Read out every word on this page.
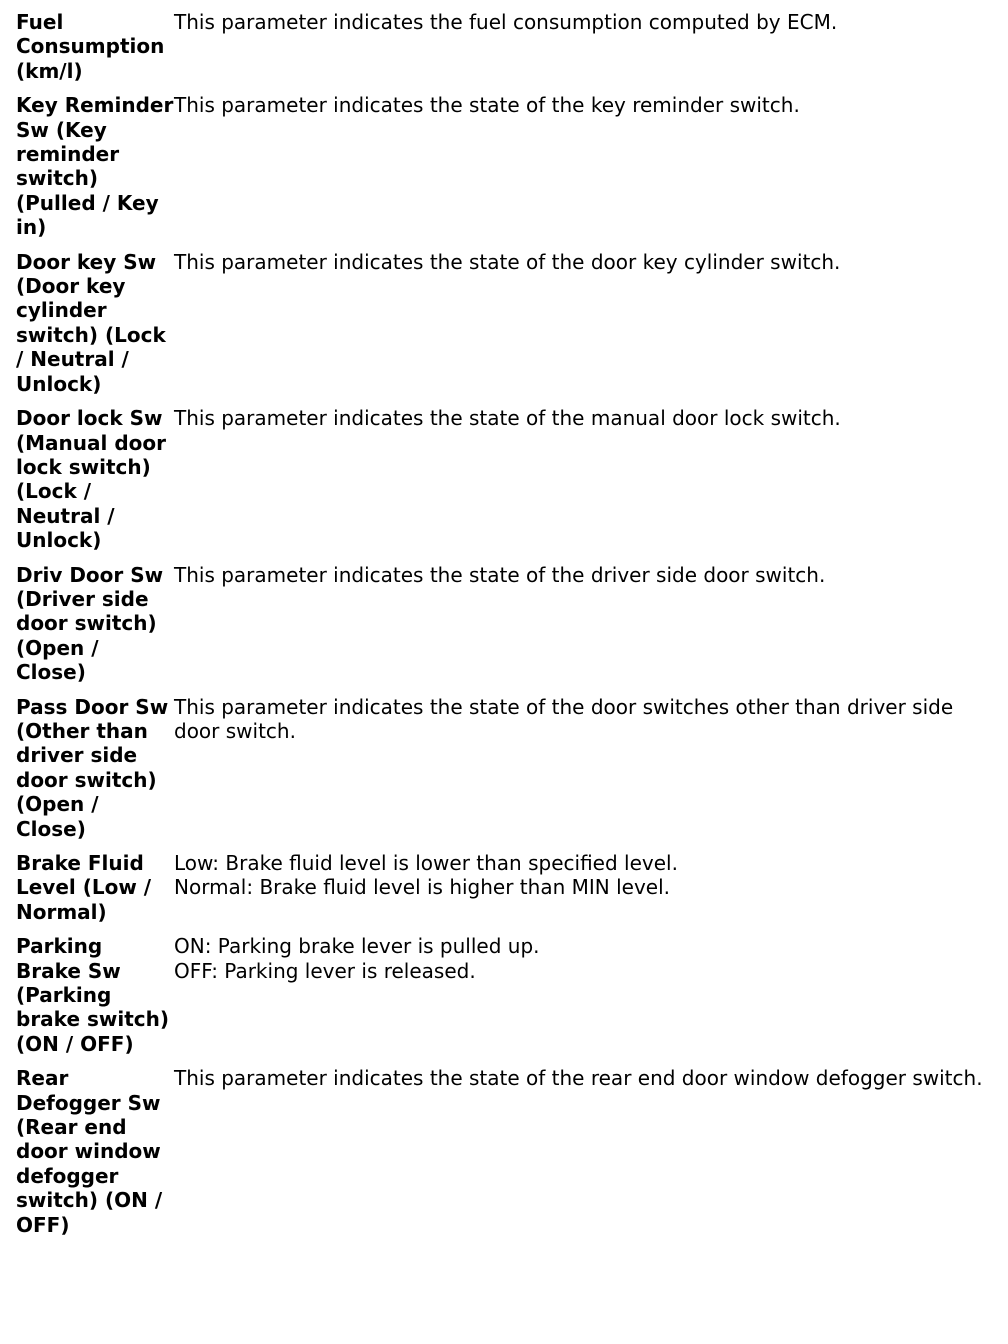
Fuel Consumption (km/l)
This parameter indicates the fuel consumption computed by ECM.
Key Reminder Sw (Key reminder switch) (Pulled / Key in)
This parameter indicates the state of the key reminder switch.
Door key Sw (Door key cylinder switch) (Lock / Neutral / Unlock)
This parameter indicates the state of the door key cylinder switch.
Door lock Sw (Manual door lock switch) (Lock / Neutral / Unlock)
This parameter indicates the state of the manual door lock switch.
Driv Door Sw (Driver side door switch) (Open / Close)
This parameter indicates the state of the driver side door switch.
Pass Door Sw (Other than driver side door switch) (Open / Close)
This parameter indicates the state of the door switches other than driver side door switch.
Brake Fluid Level (Low / Normal)
Low: Brake fluid level is lower than specified level.
Normal: Brake fluid level is higher than MIN level.
Parking Brake Sw (Parking brake switch) (ON / OFF)
ON: Parking brake lever is pulled up.
OFF: Parking lever is released.
Rear Defogger Sw (Rear end door window defogger switch) (ON / OFF)
This parameter indicates the state of the rear end door window defogger switch.
